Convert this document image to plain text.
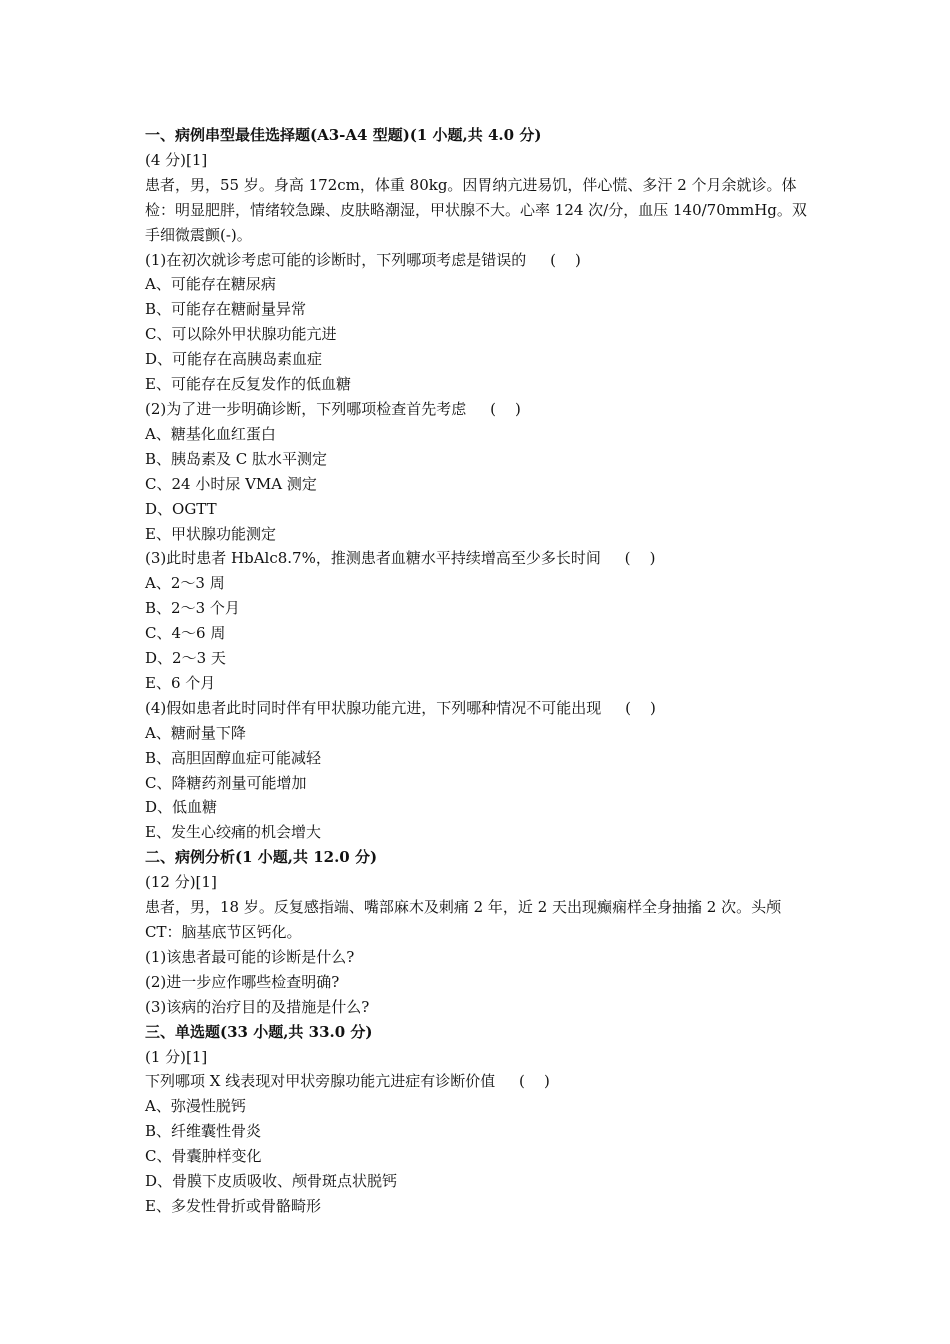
一、病例串型最佳选择题(A3-A4 型题)(1 小题,共 4.0 分)
(4 分)[1]
患者，男，55 岁。身高 172cm，体重 80kg。因胃纳亢进易饥，伴心慌、多汗 2 个月余就诊。体检：明显肥胖，情绪较急躁、皮肤略潮湿，甲状腺不大。心率 124 次/分，血压 140/70mmHg。双手细微震颤(-)。
(1)在初次就诊考虑可能的诊断时，下列哪项考虑是错误的     (    )
A、可能存在糖尿病
B、可能存在糖耐量异常
C、可以除外甲状腺功能亢进
D、可能存在高胰岛素血症
E、可能存在反复发作的低血糖
(2)为了进一步明确诊断，下列哪项检查首先考虑     (    )
A、糖基化血红蛋白
B、胰岛素及 C 肽水平测定
C、24 小时尿 VMA 测定
D、OGTT
E、甲状腺功能测定
(3)此时患者 HbAlc8.7%，推测患者血糖水平持续增高至少多长时间     (    )
A、2～3 周
B、2～3 个月
C、4～6 周
D、2～3 天
E、6 个月
(4)假如患者此时同时伴有甲状腺功能亢进，下列哪种情况不可能出现     (    )
A、糖耐量下降
B、高胆固醇血症可能减轻
C、降糖药剂量可能增加
D、低血糖
E、发生心绞痛的机会增大
二、病例分析(1 小题,共 12.0 分)
(12 分)[1]
患者，男，18 岁。反复感指端、嘴部麻木及刺痛 2 年，近 2 天出现癫痫样全身抽搐 2 次。头颅 CT：脑基底节区钙化。
(1)该患者最可能的诊断是什么?
(2)进一步应作哪些检查明确?
(3)该病的治疗目的及措施是什么?
三、单选题(33 小题,共 33.0 分)
(1 分)[1]
下列哪项 X 线表现对甲状旁腺功能亢进症有诊断价值     (    )
A、弥漫性脱钙
B、纤维囊性骨炎
C、骨囊肿样变化
D、骨膜下皮质吸收、颅骨斑点状脱钙
E、多发性骨折或骨骼畸形
